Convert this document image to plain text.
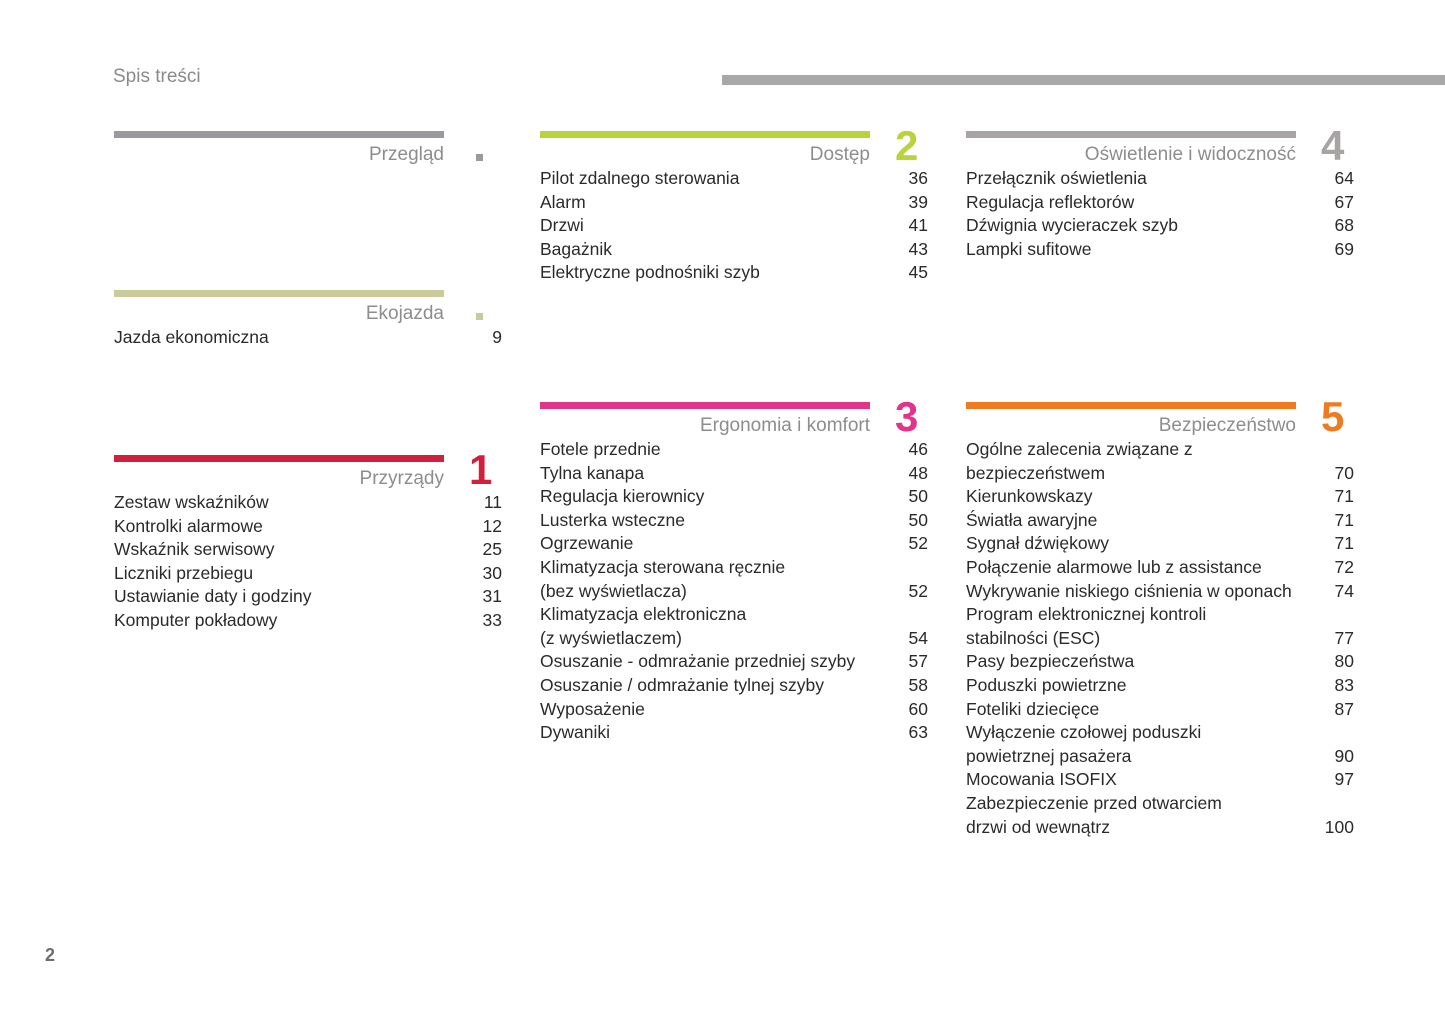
Spis treści
Przegląd
Ekojazda
Jazda ekonomiczna	9
Przyrządy 1
Zestaw wskaźników	11
Kontrolki alarmowe	12
Wskaźnik serwisowy	25
Liczniki przebiegu	30
Ustawianie daty i godziny	31
Komputer pokładowy	33
Dostęp 2
Pilot zdalnego sterowania	36
Alarm	39
Drzwi	41
Bagażnik	43
Elektryczne podnośniki szyb	45
Ergonomia i komfort 3
Fotele przednie	46
Tylna kanapa	48
Regulacja kierownicy	50
Lusterka wsteczne	50
Ogrzewanie	52
Klimatyzacja sterowana ręcznie
(bez wyświetlacza)	52
Klimatyzacja elektroniczna
(z wyświetlaczem)	54
Osuszanie - odmrażanie przedniej szyby	57
Osuszanie / odmrażanie tylnej szyby	58
Wyposażenie	60
Dywaniki	63
Oświetlenie i widoczność 4
Przełącznik oświetlenia	64
Regulacja reflektorów	67
Dźwignia wycieraczek szyb	68
Lampki sufitowe	69
Bezpieczeństwo 5
Ogólne zalecenia związane z
bezpieczeństwem	70
Kierunkowskazy	71
Światła awaryjne	71
Sygnał dźwiękowy	71
Połączenie alarmowe lub z assistance	72
Wykrywanie niskiego ciśnienia w oponach	74
Program elektronicznej kontroli
stabilności (ESC)	77
Pasy bezpieczeństwa	80
Poduszki powietrzne	83
Foteliki dziecięce	87
Wyłączenie czołowej poduszki
powietrznej pasażera	90
Mocowania ISOFIX	97
Zabezpieczenie przed otwarciem
drzwi od wewnątrz	100
2
